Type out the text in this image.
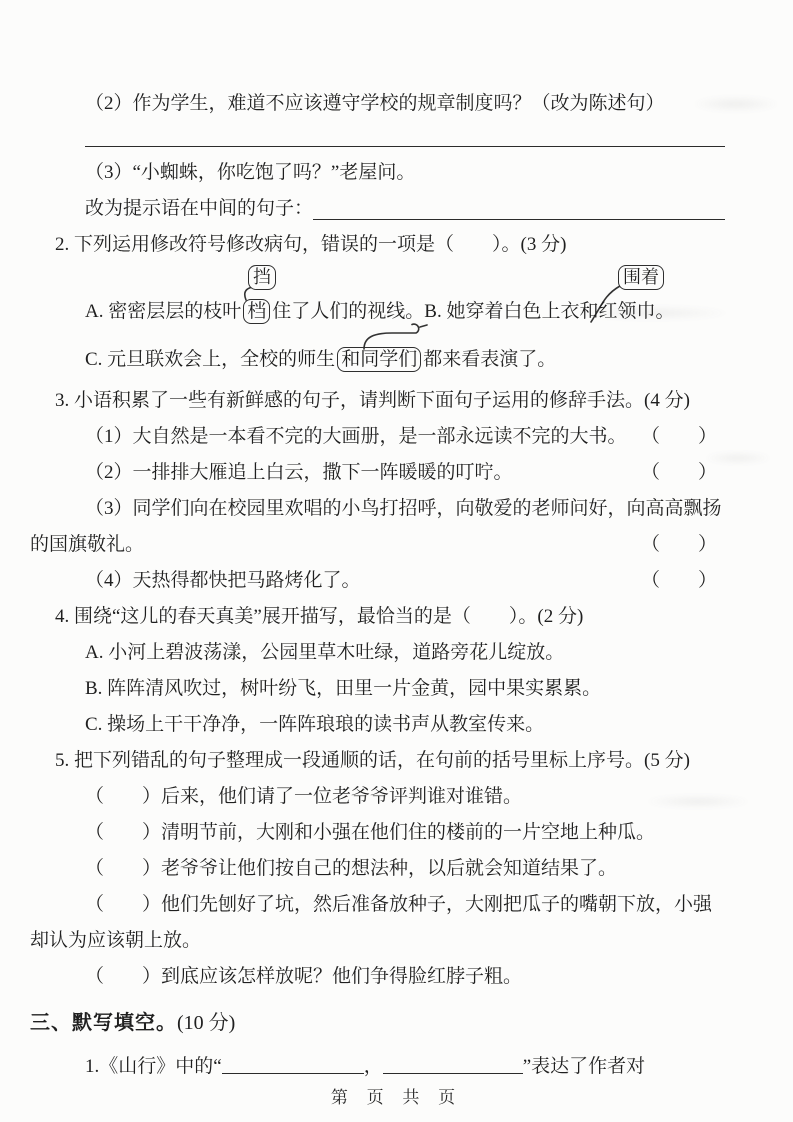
（2）作为学生，难道不应该遵守学校的规章制度吗？（改为陈述句）
（3）“小蜘蛛，你吃饱了吗？”老屋问。
改为提示语在中间的句子：
2. 下列运用修改符号修改病句，错误的一项是（　　）。(3 分)
挡	围着
A. 密密层层的枝叶 档 住了人们的视线。B. 她穿着白色上衣和红领巾。
C. 元旦联欢会上，全校的师生 和同学们 都来看表演了。
3. 小语积累了一些有新鲜感的句子，请判断下面句子运用的修辞手法。(4 分)
（1）大自然是一本看不完的大画册，是一部永远读不完的大书。 （　　）
（2）一排排大雁追上白云，撒下一阵暖暖的叮咛。	（　　）
（3）同学们向在校园里欢唱的小鸟打招呼，向敬爱的老师问好，向高高飘扬的国旗敬礼。	（　　）
（4）天热得都快把马路烤化了。	（　　）
4. 围绕“这儿的春天真美”展开描写，最恰当的是（　　）。(2 分)
A. 小河上碧波荡漾，公园里草木吐绿，道路旁花儿绽放。
B. 阵阵清风吹过，树叶纷飞，田里一片金黄，园中果实累累。
C. 操场上干干净净，一阵阵琅琅的读书声从教室传来。
5. 把下列错乱的句子整理成一段通顺的话，在句前的括号里标上序号。(5 分)
（　　）后来，他们请了一位老爷爷评判谁对谁错。
（　　）清明节前，大刚和小强在他们住的楼前的一片空地上种瓜。
（　　）老爷爷让他们按自己的想法种，以后就会知道结果了。
（　　）他们先刨好了坑，然后准备放种子，大刚把瓜子的嘴朝下放，小强却认为应该朝上放。
（　　）到底应该怎样放呢？他们争得脸红脖子粗。
三、默写填空。(10 分)
1.《山行》中的“	，	”表达了作者对
第 页 共 页
